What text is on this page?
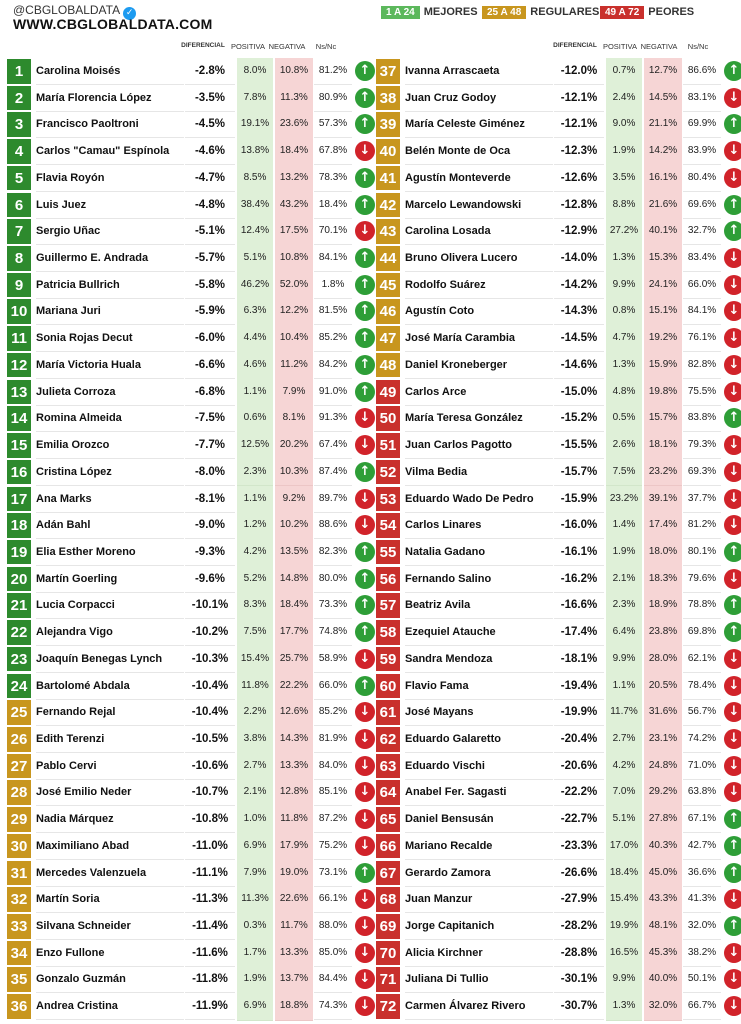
@CBGLOBALDATA ✓
WWW.CBGLOBALDATA.COM
1 A 24 MEJORES 25 A 48 REGULARES 49 A 72 PEORES
DIFERENCIAL POSITIVA NEGATIVA	Ns/Nc	DIFERENCIAL POSITIVA NEGATIVA	Ns/Nc
1	Carolina Moisés	-2.8%	8.0%	10.8%	81.2% ↑
2	María Florencia López	-3.5%	7.8%	11.3%	80.9% ↑
3	Francisco Paoltroni	-4.5%	19.1%	23.6%	57.3% ↑
4	Carlos "Camau" Espínola	-4.6%	13.8%	18.4%	67.8% ↓
5	Flavia Royón	-4.7%	8.5%	13.2%	78.3% ↑
6	Luis Juez	-4.8%	38.4%	43.2%	18.4% ↑
7	Sergio Uñac	-5.1%	12.4%	17.5%	70.1% ↓
8	Guillermo E. Andrada	-5.7%	5.1%	10.8%	84.1% ↑
9	Patricia Bullrich	-5.8%	46.2%	52.0%	1.8%	↑
10 Mariana Juri	-5.9%	6.3%	12.2%	81.5% ↑
11 Sonia Rojas Decut	-6.0%	4.4%	10.4%	85.2% ↑
12 María Victoria Huala	-6.6%	4.6%	11.2%	84.2% ↑
13 Julieta Corroza	-6.8%	1.1%	7.9%	91.0% ↑
14 Romina Almeida	-7.5%	0.6%	8.1%	91.3% ↓
15 Emilia Orozco	-7.7%	12.5%	20.2%	67.4% ↓
16 Cristina López	-8.0%	2.3%	10.3%	87.4% ↑
17 Ana Marks	-8.1%	1.1%	9.2%	89.7% ↓
18 Adán Bahl	-9.0%	1.2%	10.2%	88.6% ↓
19 Elia Esther Moreno	-9.3%	4.2%	13.5%	82.3% ↑
20 Martín Goerling	-9.6%	5.2%	14.8%	80.0% ↑
21 Lucia Corpacci	-10.1%	8.3%	18.4%	73.3% ↑
22 Alejandra Vigo	-10.2%	7.5%	17.7%	74.8% ↑
23 Joaquín Benegas Lynch	-10.3%	15.4%	25.7%	58.9% ↓
24 Bartolomé Abdala	-10.4%	11.8%	22.2%	66.0% ↑
25 Fernando Rejal	-10.4%	2.2%	12.6%	85.2% ↓
26 Edith Terenzi	-10.5%	3.8%	14.3%	81.9% ↓
27 Pablo Cervi	-10.6%	2.7%	13.3%	84.0% ↓
28 José Emilio Neder	-10.7%	2.1%	12.8%	85.1% ↓
29 Nadia Márquez	-10.8%	1.0%	11.8%	87.2% ↓
30 Maximiliano Abad	-11.0%	6.9%	17.9%	75.2% ↓
31 Mercedes Valenzuela	-11.1%	7.9%	19.0%	73.1% ↑
32 Martín Soria	-11.3%	11.3%	22.6%	66.1% ↓
33 Silvana Schneider	-11.4%	0.3%	11.7%	88.0% ↓
34 Enzo Fullone	-11.6%	1.7%	13.3%	85.0% ↓
35 Gonzalo Guzmán	-11.8%	1.9%	13.7%	84.4% ↓
36 Andrea Cristina	-11.9%	6.9%	18.8%	74.3% ↓
37 Ivanna Arrascaeta	-12.0%	0.7%	12.7%	86.6% ↑
38 Juan Cruz Godoy	-12.1%	2.4%	14.5%	83.1% ↓
39 María Celeste Giménez	-12.1%	9.0%	21.1%	69.9% ↑
40 Belén Monte de Oca	-12.3%	1.9%	14.2%	83.9% ↓
41 Agustín Monteverde	-12.6%	3.5%	16.1%	80.4% ↓
42 Marcelo Lewandowski	-12.8%	8.8%	21.6%	69.6% ↑
43 Carolina Losada	-12.9%	27.2%	40.1%	32.7% ↑
44 Bruno Olivera Lucero	-14.0%	1.3%	15.3%	83.4% ↓
45 Rodolfo Suárez	-14.2%	9.9%	24.1%	66.0% ↓
46 Agustín Coto	-14.3%	0.8%	15.1%	84.1% ↓
47 José María Carambia	-14.5%	4.7%	19.2%	76.1% ↓
48 Daniel Kroneberger	-14.6%	1.3%	15.9%	82.8% ↓
49 Carlos Arce	-15.0%	4.8%	19.8%	75.5% ↓
50 María Teresa González	-15.2%	0.5%	15.7%	83.8% ↑
51 Juan Carlos Pagotto	-15.5%	2.6%	18.1%	79.3% ↓
52 Vilma Bedia	-15.7%	7.5%	23.2%	69.3% ↓
53 Eduardo Wado De Pedro	-15.9%	23.2%	39.1%	37.7% ↓
54 Carlos Linares	-16.0%	1.4%	17.4%	81.2% ↓
55 Natalia Gadano	-16.1%	1.9%	18.0%	80.1% ↑
56 Fernando Salino	-16.2%	2.1%	18.3%	79.6% ↓
57 Beatriz Avila	-16.6%	2.3%	18.9%	78.8% ↑
58 Ezequiel Atauche	-17.4%	6.4%	23.8%	69.8% ↑
59 Sandra Mendoza	-18.1%	9.9%	28.0%	62.1% ↓
60 Flavio Fama	-19.4%	1.1%	20.5%	78.4% ↓
61 José Mayans	-19.9%	11.7%	31.6%	56.7% ↓
62 Eduardo Galaretto	-20.4%	2.7%	23.1%	74.2% ↓
63 Eduardo Vischi	-20.6%	4.2%	24.8%	71.0% ↓
64 Anabel Fer. Sagasti	-22.2%	7.0%	29.2%	63.8% ↓
65 Daniel Bensusán	-22.7%	5.1%	27.8%	67.1% ↑
66 Mariano Recalde	-23.3%	17.0%	40.3%	42.7% ↑
67 Gerardo Zamora	-26.6%	18.4%	45.0%	36.6% ↑
68 Juan Manzur	-27.9%	15.4%	43.3%	41.3% ↓
69 Jorge Capitanich	-28.2%	19.9%	48.1%	32.0% ↑
70 Alicia Kirchner	-28.8%	16.5%	45.3%	38.2% ↓
71 Juliana Di Tullio	-30.1%	9.9%	40.0%	50.1% ↓
72 Carmen Álvarez Rivero	-30.7%	1.3%	32.0%	66.7% ↓
